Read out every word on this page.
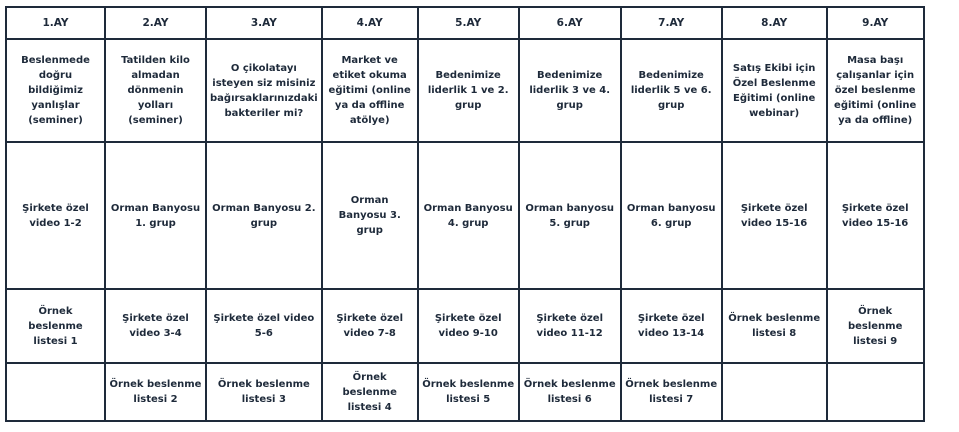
1.AY	2.AY	3.AY	4.AY	5.AY	6.AY	7.AY	8.AY	9.AY
Beslenmede doğru bildiğimiz yanlışlar (seminer)	Tatilden kilo almadan dönmenin yolları (seminer)	O çikolatayı isteyen siz misiniz bağırsaklarınızdaki bakteriler mi?	Market ve etiket okuma eğitimi (online ya da offline atölye)	Bedenimize liderlik 1 ve 2. grup	Bedenimize liderlik 3 ve 4. grup	Bedenimize liderlik 5 ve 6. grup	Satış Ekibi için Özel Beslenme Eğitimi (online webinar)	Masa başı çalışanlar için özel beslenme eğitimi (online ya da offline)
Şirkete özel video 1-2	Orman Banyosu 1. grup	Orman Banyosu 2. grup	Orman Banyosu 3. grup	Orman Banyosu 4. grup	Orman banyosu 5. grup	Orman banyosu 6. grup	Şirkete özel video 15-16	Şirkete özel video 15-16
Örnek beslenme listesi 1	Şirkete özel video 3-4	Şirkete özel video 5-6	Şirkete özel video 7-8	Şirkete özel video 9-10	Şirkete özel video 11-12	Şirkete özel video 13-14	Örnek beslenme listesi 8	Örnek beslenme listesi 9
	Örnek beslenme listesi 2	Örnek beslenme listesi 3	Örnek beslenme listesi 4	Örnek beslenme listesi 5	Örnek beslenme listesi 6	Örnek beslenme listesi 7		
